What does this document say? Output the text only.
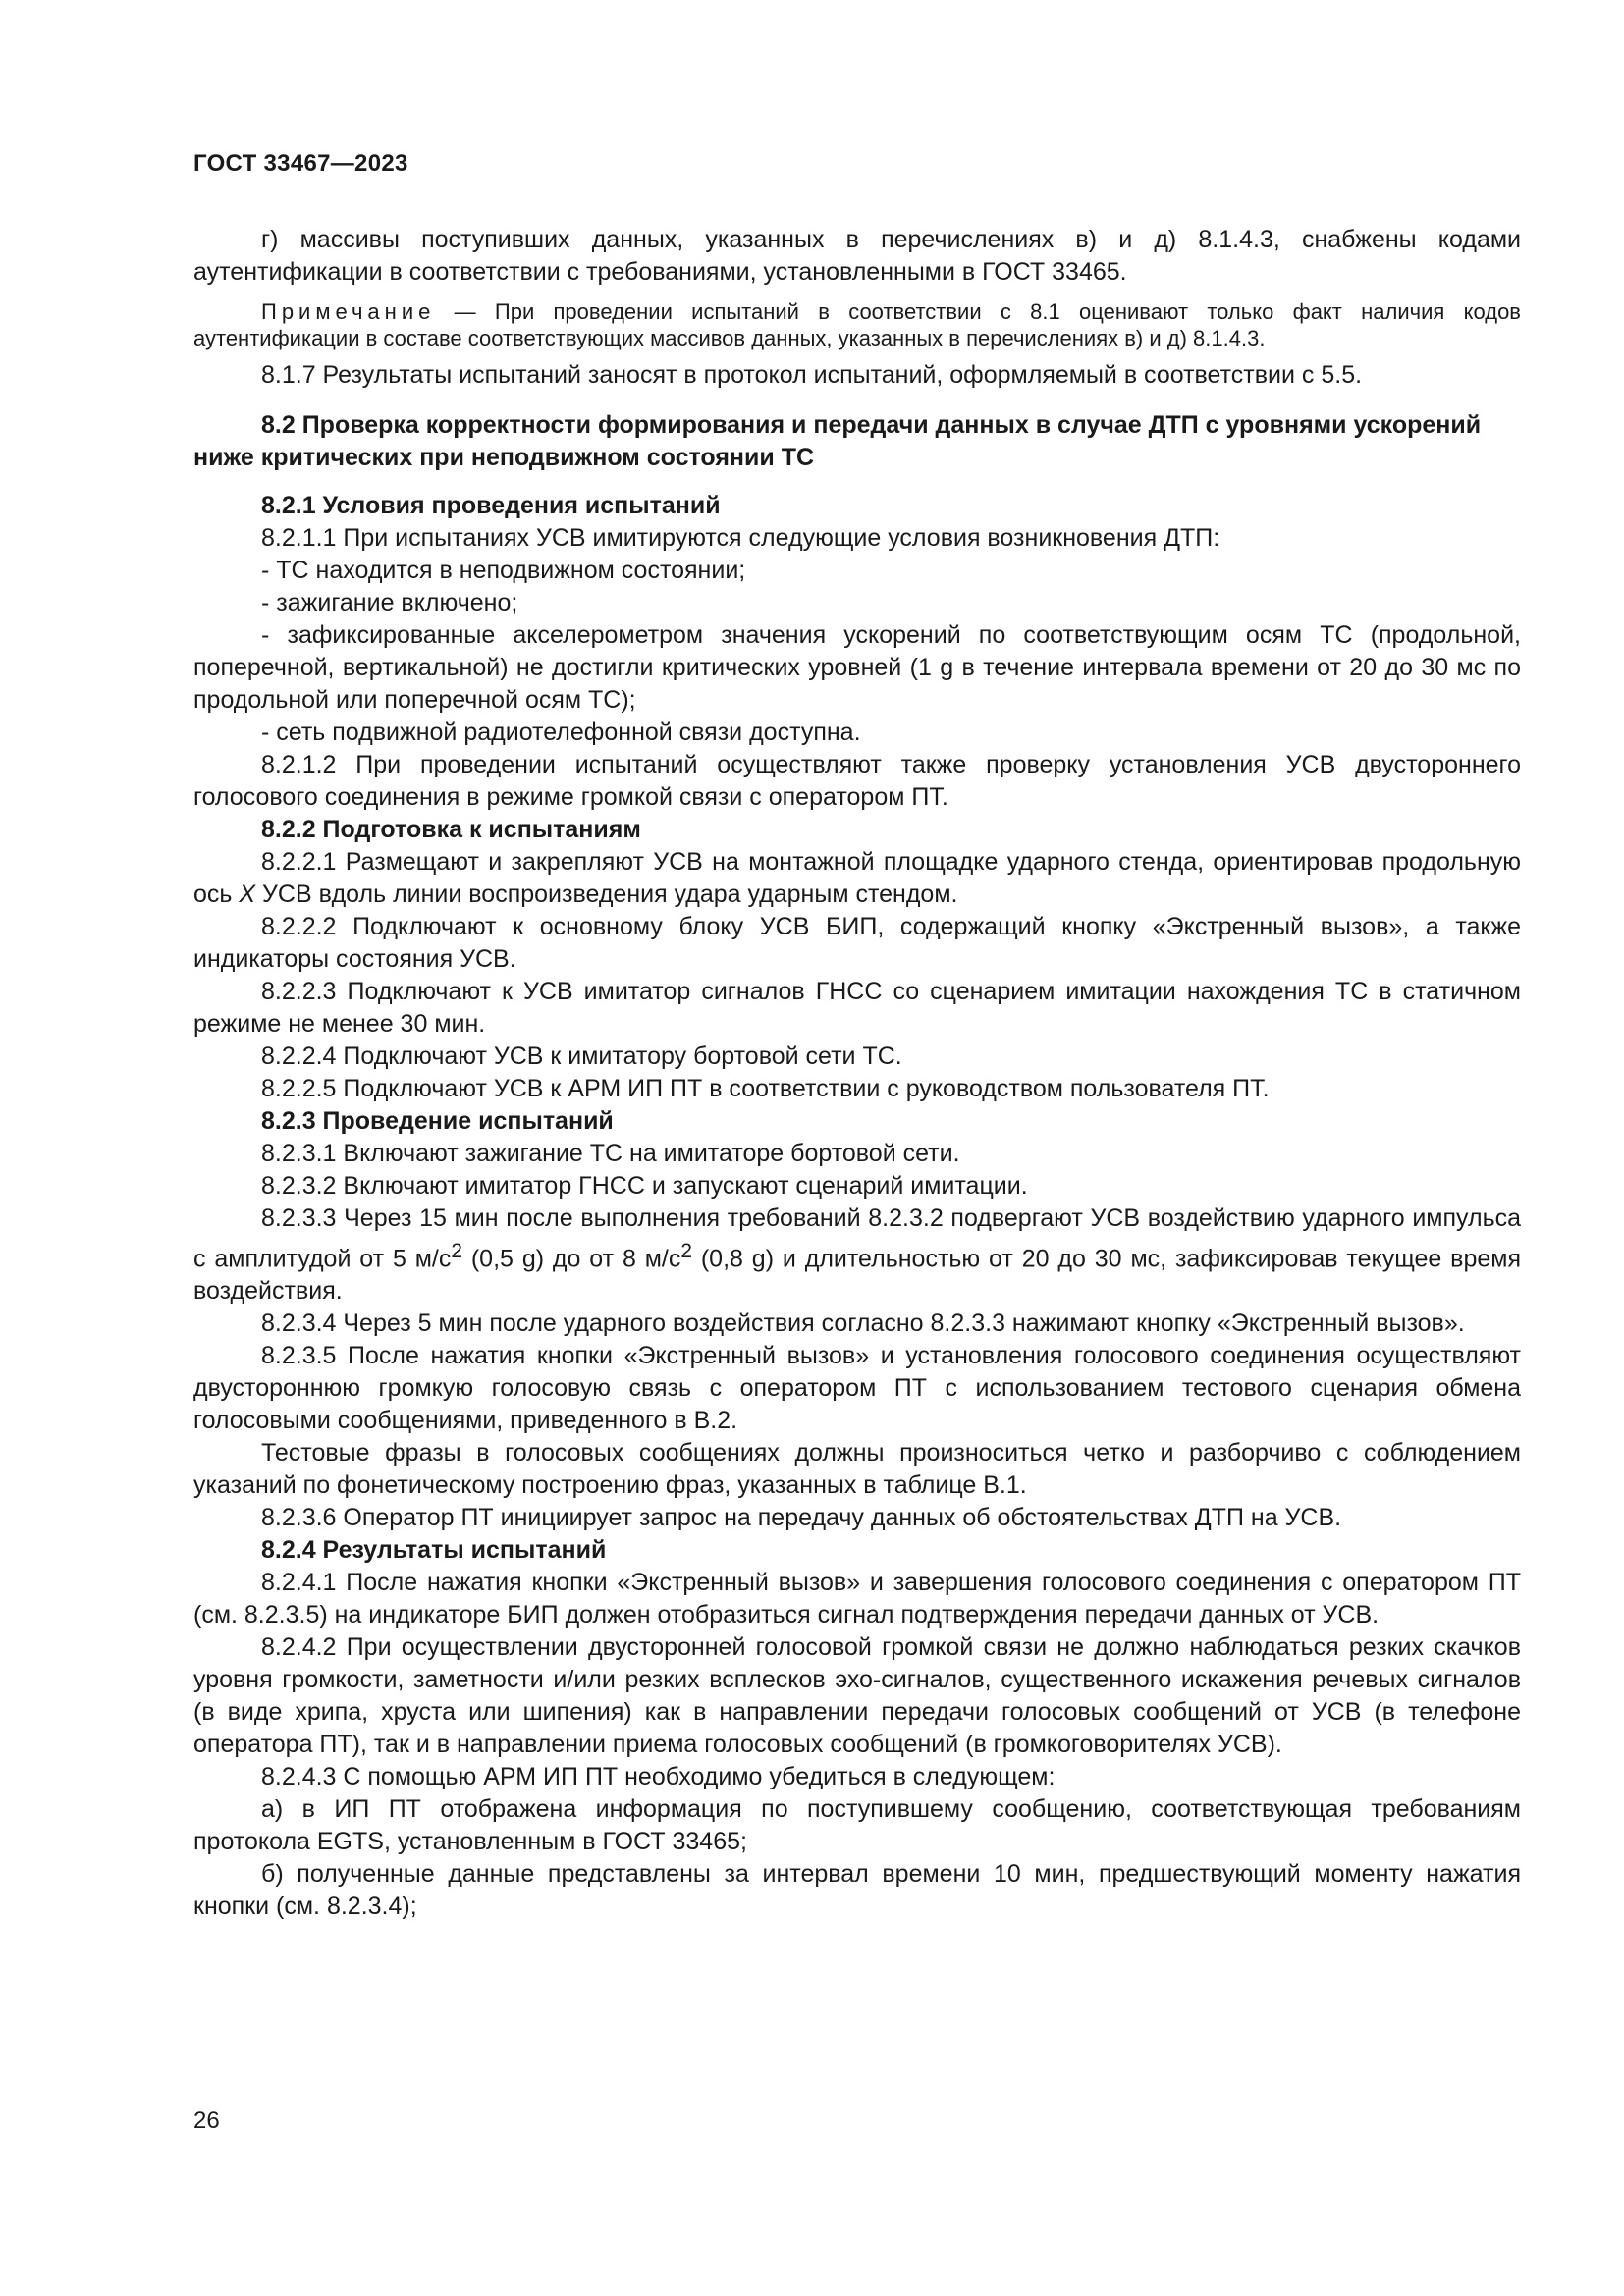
ГОСТ 33467—2023

г) массивы поступивших данных, указанных в перечислениях в) и д) 8.1.4.3, снабжены кодами аутентификации в соответствии с требованиями, установленными в ГОСТ 33465.

Примечание — При проведении испытаний в соответствии с 8.1 оценивают только факт наличия кодов аутентификации в составе соответствующих массивов данных, указанных в перечислениях в) и д) 8.1.4.3.

8.1.7 Результаты испытаний заносят в протокол испытаний, оформляемый в соответствии с 5.5.

8.2 Проверка корректности формирования и передачи данных в случае ДТП с уровнями ускорений ниже критических при неподвижном состоянии ТС

8.2.1 Условия проведения испытаний

8.2.1.1 При испытаниях УСВ имитируются следующие условия возникновения ДТП:

- ТС находится в неподвижном состоянии;

- зажигание включено;

- зафиксированные акселерометром значения ускорений по соответствующим осям ТС (продольной, поперечной, вертикальной) не достигли критических уровней (1 g в течение интервала времени от 20 до 30 мс по продольной или поперечной осям ТС);

- сеть подвижной радиотелефонной связи доступна.

8.2.1.2 При проведении испытаний осуществляют также проверку установления УСВ двустороннего голосового соединения в режиме громкой связи с оператором ПТ.

8.2.2 Подготовка к испытаниям

8.2.2.1 Размещают и закрепляют УСВ на монтажной площадке ударного стенда, ориентировав продольную ось X УСВ вдоль линии воспроизведения удара ударным стендом.

8.2.2.2 Подключают к основному блоку УСВ БИП, содержащий кнопку «Экстренный вызов», а также индикаторы состояния УСВ.

8.2.2.3 Подключают к УСВ имитатор сигналов ГНСС со сценарием имитации нахождения ТС в статичном режиме не менее 30 мин.

8.2.2.4 Подключают УСВ к имитатору бортовой сети ТС.

8.2.2.5 Подключают УСВ к АРМ ИП ПТ в соответствии с руководством пользователя ПТ.

8.2.3 Проведение испытаний

8.2.3.1 Включают зажигание ТС на имитаторе бортовой сети.

8.2.3.2 Включают имитатор ГНСС и запускают сценарий имитации.

8.2.3.3 Через 15 мин после выполнения требований 8.2.3.2 подвергают УСВ воздействию ударного импульса с амплитудой от 5 $м/с^2$ (0,5 g) до от 8 $м/с^2$ (0,8 g) и длительностью от 20 до 30 мс, зафиксировав текущее время воздействия.

8.2.3.4 Через 5 мин после ударного воздействия согласно 8.2.3.3 нажимают кнопку «Экстренный вызов».

8.2.3.5 После нажатия кнопки «Экстренный вызов» и установления голосового соединения осуществляют двустороннюю громкую голосовую связь с оператором ПТ с использованием тестового сценария обмена голосовыми сообщениями, приведенного в В.2.

Тестовые фразы в голосовых сообщениях должны произноситься четко и разборчиво с соблюдением указаний по фонетическому построению фраз, указанных в таблице В.1.

8.2.3.6 Оператор ПТ инициирует запрос на передачу данных об обстоятельствах ДТП на УСВ.

8.2.4 Результаты испытаний

8.2.4.1 После нажатия кнопки «Экстренный вызов» и завершения голосового соединения с оператором ПТ (см. 8.2.3.5) на индикаторе БИП должен отобразиться сигнал подтверждения передачи данных от УСВ.

8.2.4.2 При осуществлении двусторонней голосовой громкой связи не должно наблюдаться резких скачков уровня громкости, заметности и/или резких всплесков эхо-сигналов, существенного искажения речевых сигналов (в виде хрипа, хруста или шипения) как в направлении передачи голосовых сообщений от УСВ (в телефоне оператора ПТ), так и в направлении приема голосовых сообщений (в громкоговорителях УСВ).

8.2.4.3 С помощью АРМ ИП ПТ необходимо убедиться в следующем:

а) в ИП ПТ отображена информация по поступившему сообщению, соответствующая требованиям протокола EGTS, установленным в ГОСТ 33465;

б) полученные данные представлены за интервал времени 10 мин, предшествующий моменту нажатия кнопки (см. 8.2.3.4);

26
